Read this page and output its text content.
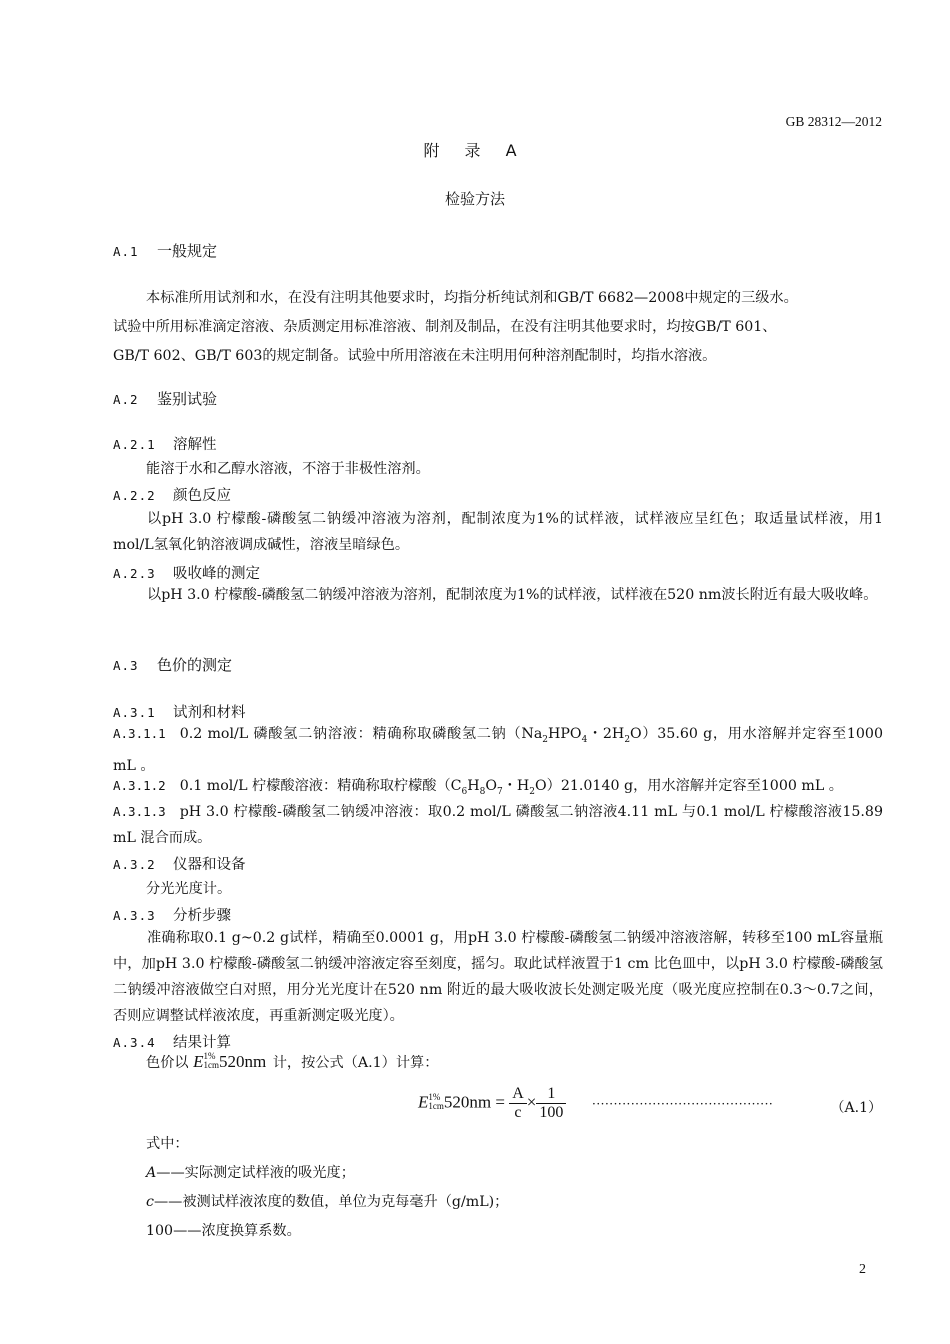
GB 28312—2012
附 录 A
检验方法
A.1 一般规定
本标准所用试剂和水，在没有注明其他要求时，均指分析纯试剂和GB/T 6682—2008中规定的三级水。
试验中所用标准滴定溶液、杂质测定用标准溶液、制剂及制品，在没有注明其他要求时，均按GB/T 601、
GB/T 602、GB/T 603的规定制备。试验中所用溶液在未注明用何种溶剂配制时，均指水溶液。
A.2 鉴别试验
A.2.1 溶解性
能溶于水和乙醇水溶液，不溶于非极性溶剂。
A.2.2 颜色反应
以pH 3.0 柠檬酸-磷酸氢二钠缓冲溶液为溶剂，配制浓度为1%的试样液，试样液应呈红色；取适量试样液，用1 mol/L氢氧化钠溶液调成碱性，溶液呈暗绿色。
A.2.3 吸收峰的测定
以pH 3.0 柠檬酸-磷酸氢二钠缓冲溶液为溶剂，配制浓度为1%的试样液，试样液在520 nm波长附近有最大吸收峰。
A.3 色价的测定
A.3.1 试剂和材料
A.3.1.1 0.2 mol/L 磷酸氢二钠溶液：精确称取磷酸氢二钠（$Na_2HPO_4$・$2H_2O)35.60$ g，用水溶解并定容至1000 mL 。
A.3.1.2 0.1 mol/L 柠檬酸溶液：精确称取柠檬酸（$C_6H_8O_7$・$H_2O)21.0140$ g，用水溶解并定容至1000 mL 。
A.3.1.3 pH 3.0 柠檬酸-磷酸氢二钠缓冲溶液：取0.2 mol/L 磷酸氢二钠溶液4.11 mL 与0.1 mol/L 柠檬酸溶液15.89 mL 混合而成。
A.3.2 仪器和设备
分光光度计。
A.3.3 分析步骤
准确称取0.1 g~0.2 g试样，精确至0.0001 g，用pH 3.0 柠檬酸-磷酸氢二钠缓冲溶液溶解，转移至100 mL容量瓶中，加pH 3.0 柠檬酸-磷酸氢二钠缓冲溶液定容至刻度，摇匀。取此试样液置于1 cm 比色皿中，以pH 3.0 柠檬酸-磷酸氢二钠缓冲溶液做空白对照，用分光光度计在520 nm 附近的最大吸收波长处测定吸光度（吸光度应控制在0.3～0.7之间，否则应调整试样液浓度，再重新测定吸光度）。
A.3.4 结果计算
色价以 E 1%
1cm 520nm 计，按公式（A.1）计算：
E 1%
1cm $520nm = \frac{A}{c} \times \frac{1}{100}$ ··········································	（A.1）
式中：
A——实际测定试样液的吸光度；
c——被测试样液浓度的数值，单位为克每毫升（g/mL)；
100——浓度换算系数。
2
